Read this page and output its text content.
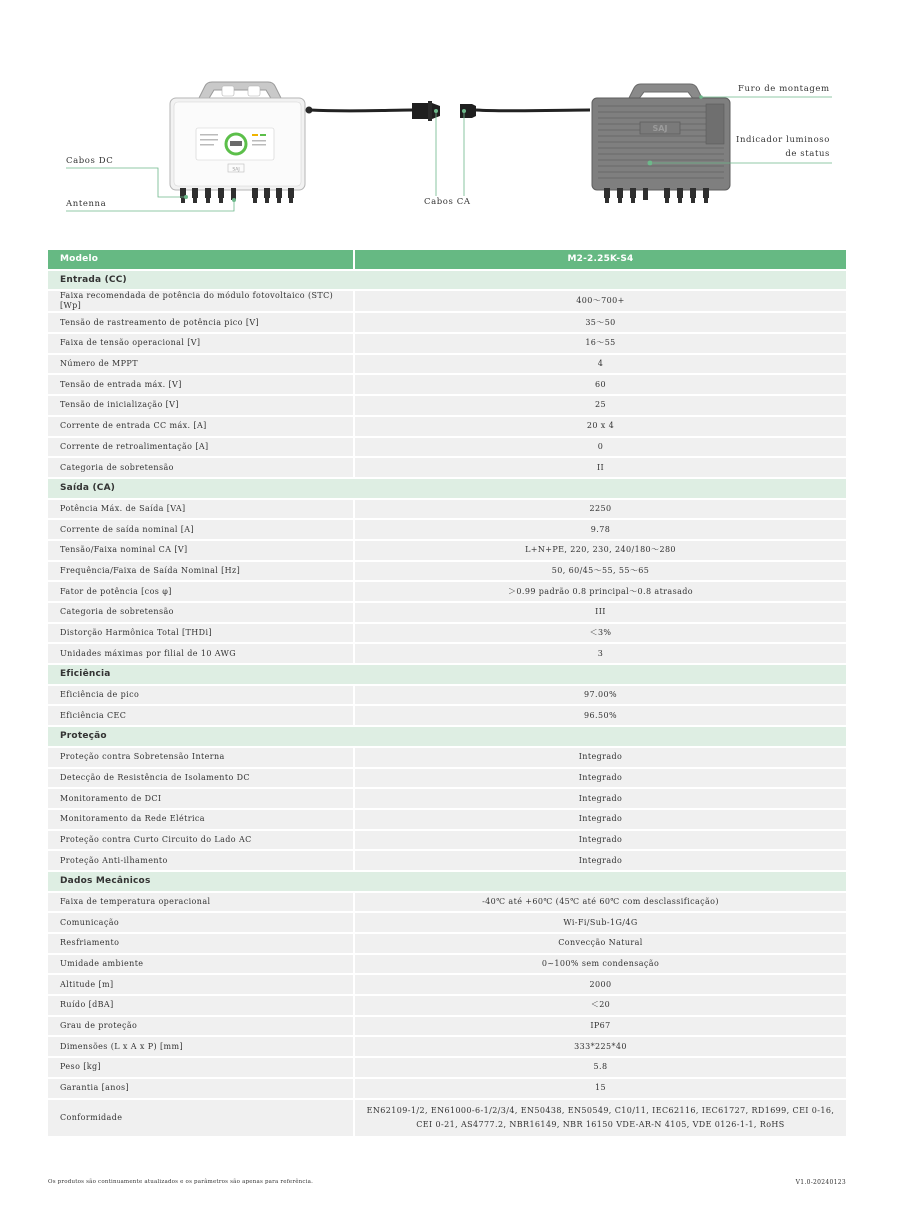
SAJ
SAJ
Cabos DC
Antenna	Cabos CA
Furo de montagem
Indicador luminoso
de status
Modelo	M2-2.25K-S4
Entrada (CC)	
Faixa recomendada de potência do módulo fotovoltaico (STC) [Wp]	400～700+
Tensão de rastreamento de potência pico [V]	35～50
Faixa de tensão operacional [V]	16～55
Número de MPPT	4
Tensão de entrada máx. [V]	60
Tensão de inicialização [V]	25
Corrente de entrada CC máx. [A]	20 x 4
Corrente de retroalimentação [A]	0
Categoria de sobretensão	II
Saída (CA)	
Potência Máx. de Saída [VA]	2250
Corrente de saída nominal [A]	9.78
Tensão/Faixa nominal CA [V]	L+N+PE, 220, 230, 240/180～280
Frequência/Faixa de Saída Nominal [Hz]	50, 60/45～55, 55～65
Fator de potência [cos φ]	＞0.99 padrão 0.8 principal～0.8 atrasado
Categoria de sobretensão	III
Distorção Harmônica Total [THDi]	＜3%
Unidades máximas por filial de 10 AWG	3
Eficiência	
Eficiência de pico	97.00%
Eficiência CEC	96.50%
Proteção	
Proteção contra Sobretensão Interna	Integrado
Detecção de Resistência de Isolamento DC	Integrado
Monitoramento de DCI	Integrado
Monitoramento da Rede Elétrica	Integrado
Proteção contra Curto Circuito do Lado AC	Integrado
Proteção Anti-ilhamento	Integrado
Dados Mecânicos	
Faixa de temperatura operacional	-40℃ até +60℃ (45℃ até 60℃ com desclassificação)
Comunicação	Wi-Fi/Sub-1G/4G
Resfriamento	Convecção Natural
Umidade ambiente	0~100% sem condensação
Altitude [m]	2000
Ruído [dBA]	＜20
Grau de proteção	IP67
Dimensões (L x A x P) [mm]	333*225*40
Peso [kg]	5.8
Garantia [anos]	15
Conformidade	EN62109-1/2, EN61000-6-1/2/3/4, EN50438, EN50549, C10/11, IEC62116, IEC61727, RD1699, CEI 0-16, CEI 0-21, AS4777.2, NBR16149, NBR 16150 VDE-AR-N 4105, VDE 0126-1-1, RoHS
Os produtos são continuamente atualizados e os parâmetros são apenas para referência.	V1.0-20240123
